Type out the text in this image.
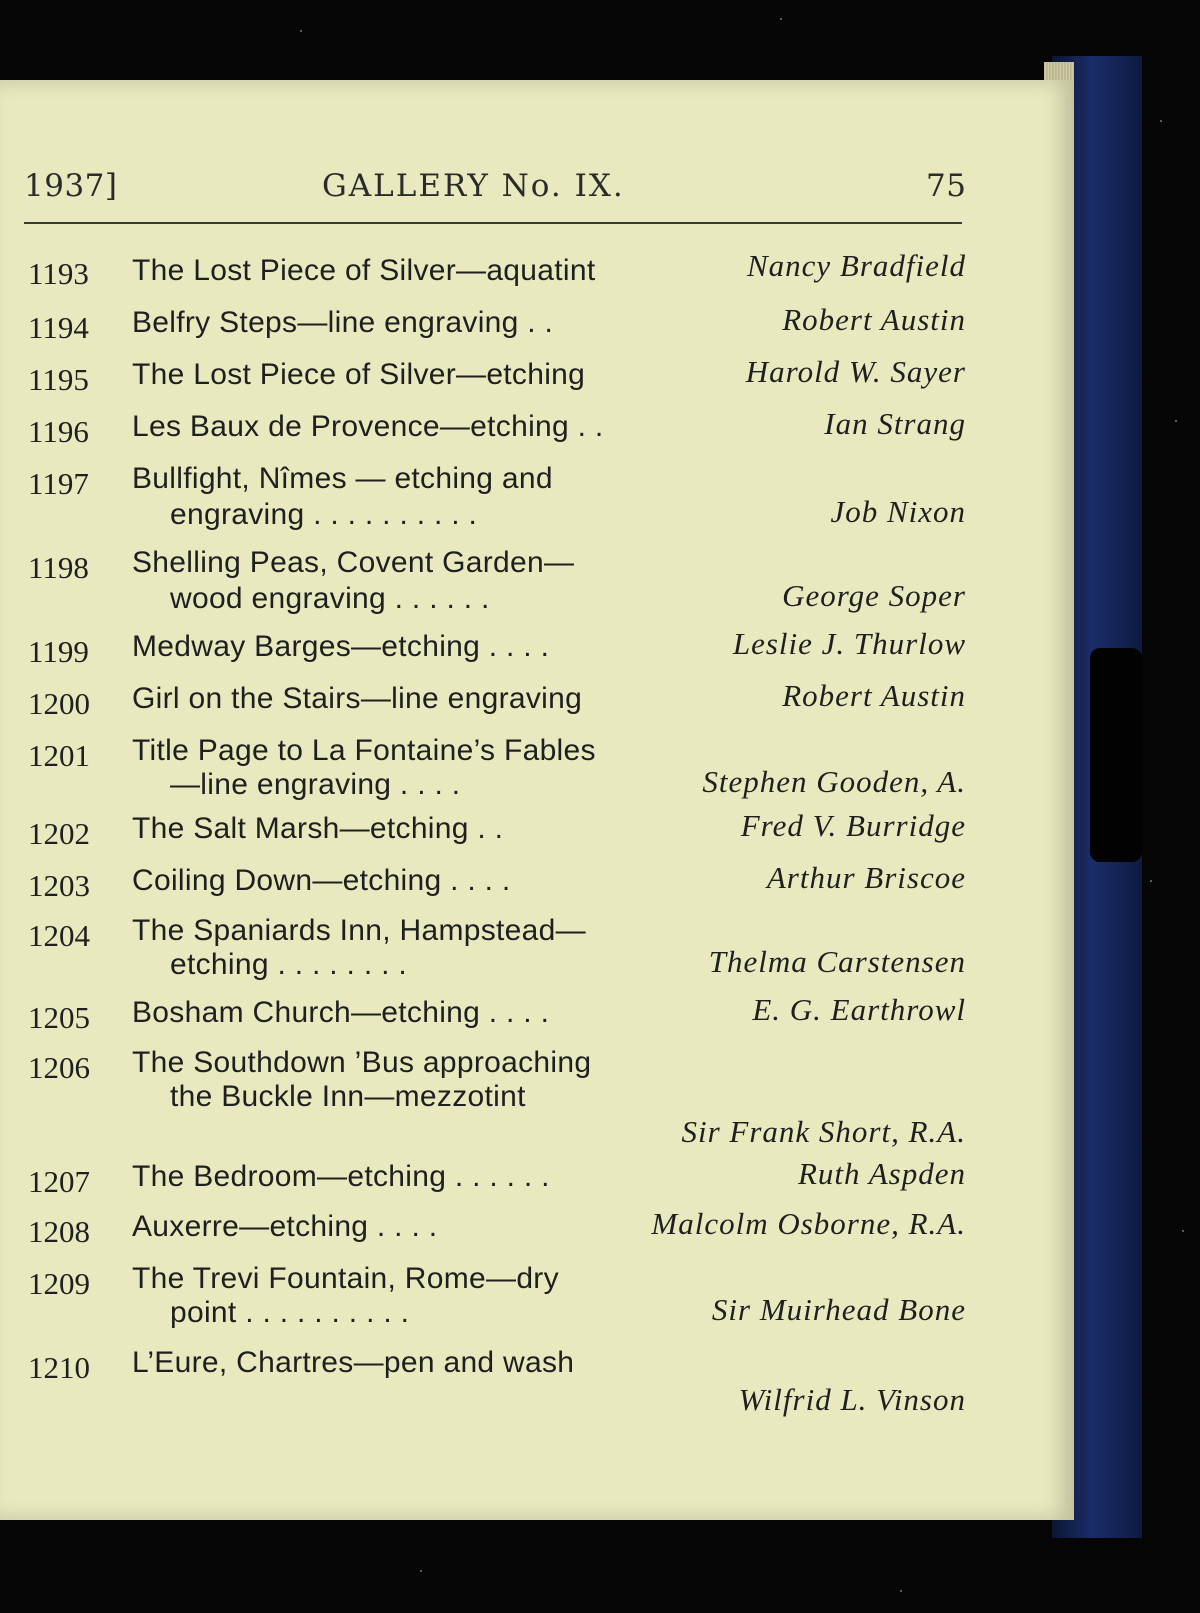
1937]	GALLERY No. IX.	75
1193 The Lost Piece of Silver—aquatint	Nancy Bradfield
1194 Belfry Steps—line engraving . .	Robert Austin
1195 The Lost Piece of Silver—etching	Harold W. Sayer
1196 Les Baux de Provence—etching . .	Ian Strang
1197 Bullfight, Nîmes — etching and
engraving . . . . . . . . . .	Job Nixon
1198 Shelling Peas, Covent Garden—
wood engraving . . . . . .	George Soper
1199 Medway Barges—etching . . . .	Leslie J. Thurlow
1200 Girl on the Stairs—line engraving	Robert Austin
1201 Title Page to La Fontaine’s Fables
—line engraving . . . .	Stephen Gooden, A.
1202 The Salt Marsh—etching . .	Fred V. Burridge
1203 Coiling Down—etching . . . .	Arthur Briscoe
1204 The Spaniards Inn, Hampstead—
etching . . . . . . . .	Thelma Carstensen
1205 Bosham Church—etching . . . .	E. G. Earthrowl
1206 The Southdown ’Bus approaching
the Buckle Inn—mezzotint
Sir Frank Short, R.A.
1207 The Bedroom—etching . . . . . .	Ruth Aspden
1208 Auxerre—etching . . . .	Malcolm Osborne, R.A.
1209 The Trevi Fountain, Rome—dry
point . . . . . . . . . .	Sir Muirhead Bone
1210 L’Eure, Chartres—pen and wash
Wilfrid L. Vinson
